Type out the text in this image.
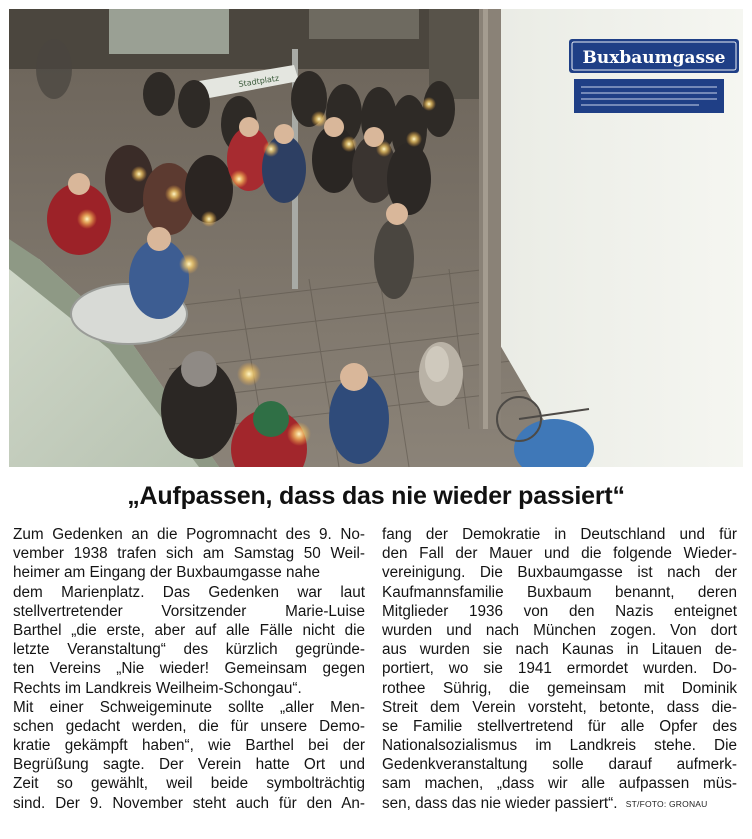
Buxbaumgasse
Stadtplatz
„Aufpassen, dass das nie wieder passiert“
Zum Gedenken an die Pogromnacht des 9. No-
vember 1938 trafen sich am Samstag 50 Weil-
heimer am Eingang der Buxbaumgasse nahe
dem Marienplatz. Das Gedenken war laut
stellvertretender Vorsitzender Marie-Luise
Barthel „die erste, aber auf alle Fälle nicht die
letzte Veranstaltung“ des kürzlich gegründe-
ten Vereins „Nie wieder! Gemeinsam gegen
Rechts im Landkreis Weilheim-Schongau“.
Mit einer Schweigeminute sollte „aller Men-
schen gedacht werden, die für unsere Demo-
kratie gekämpft haben“, wie Barthel bei der
Begrüßung sagte. Der Verein hatte Ort und
Zeit so gewählt, weil beide symbolträchtig
sind. Der 9. November steht auch für den An-
fang der Demokratie in Deutschland und für
den Fall der Mauer und die folgende Wieder-
vereinigung. Die Buxbaumgasse ist nach der
Kaufmannsfamilie Buxbaum benannt, deren
Mitglieder 1936 von den Nazis enteignet
wurden und nach München zogen. Von dort
aus wurden sie nach Kaunas in Litauen de-
portiert, wo sie 1941 ermordet wurden. Do-
rothee Sührig, die gemeinsam mit Dominik
Streit dem Verein vorsteht, betonte, dass die-
se Familie stellvertretend für alle Opfer des
Nationalsozialismus im Landkreis stehe. Die
Gedenkveranstaltung solle darauf aufmerk-
sam machen, „dass wir alle aufpassen müs-
sen, dass das nie wieder passiert“. ST/FOTO: GRONAU
